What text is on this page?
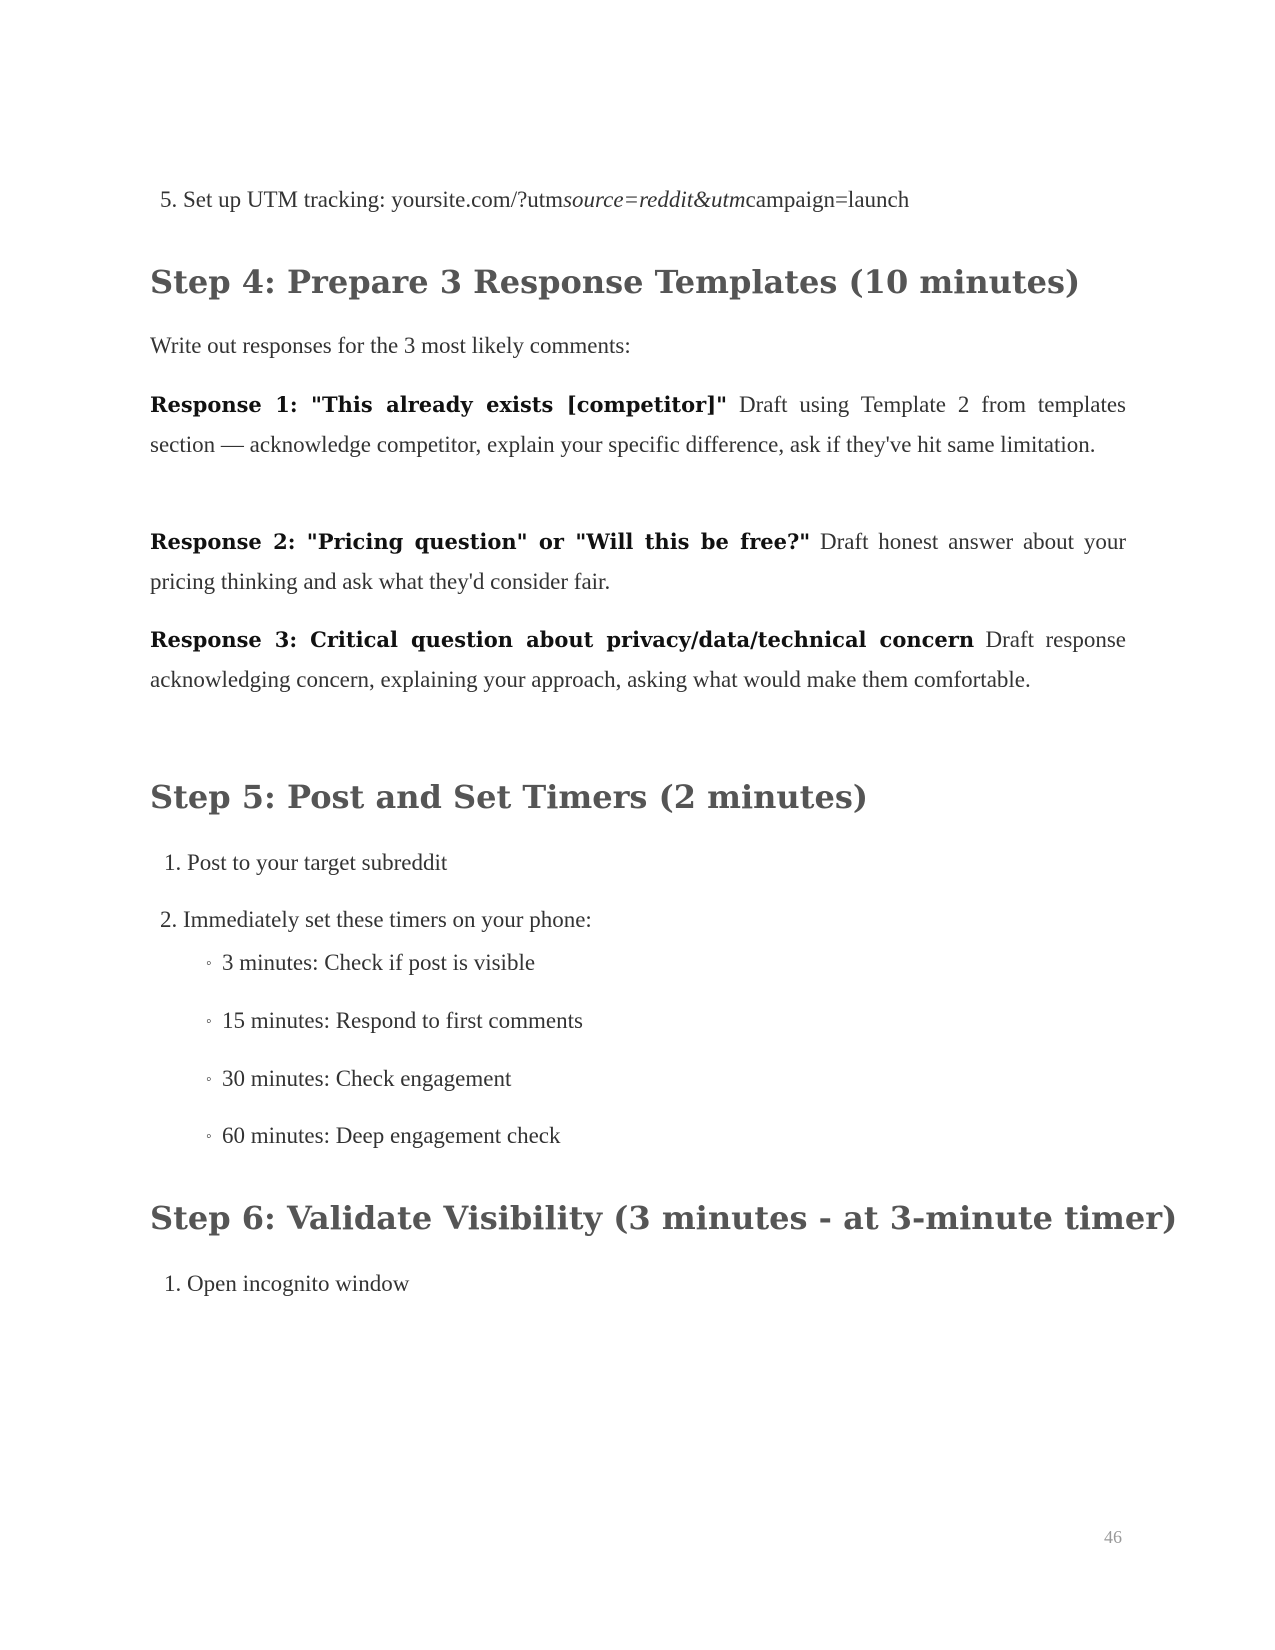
5. Set up UTM tracking: yoursite.com/?utmsource=reddit&utmcampaign=launch
Step 4: Prepare 3 Response Templates (10 minutes)
Write out responses for the 3 most likely comments:

Response 1: "This already exists [competitor]" Draft using Template 2 from templates section — acknowledge competitor, explain your specific difference, ask if they've hit same limitation.

Response 2: "Pricing question" or "Will this be free?" Draft honest answer about your pricing thinking and ask what they'd consider fair.

Response 3: Critical question about privacy/data/technical concern Draft response acknowledging concern, explaining your approach, asking what would make them comfortable.

Step 5: Post and Set Timers (2 minutes)
1. Post to your target subreddit
2. Immediately set these timers on your phone:
◦ 3 minutes: Check if post is visible
◦ 15 minutes: Respond to first comments
◦ 30 minutes: Check engagement
◦ 60 minutes: Deep engagement check
Step 6: Validate Visibility (3 minutes - at 3-minute timer)
1. Open incognito window
46
